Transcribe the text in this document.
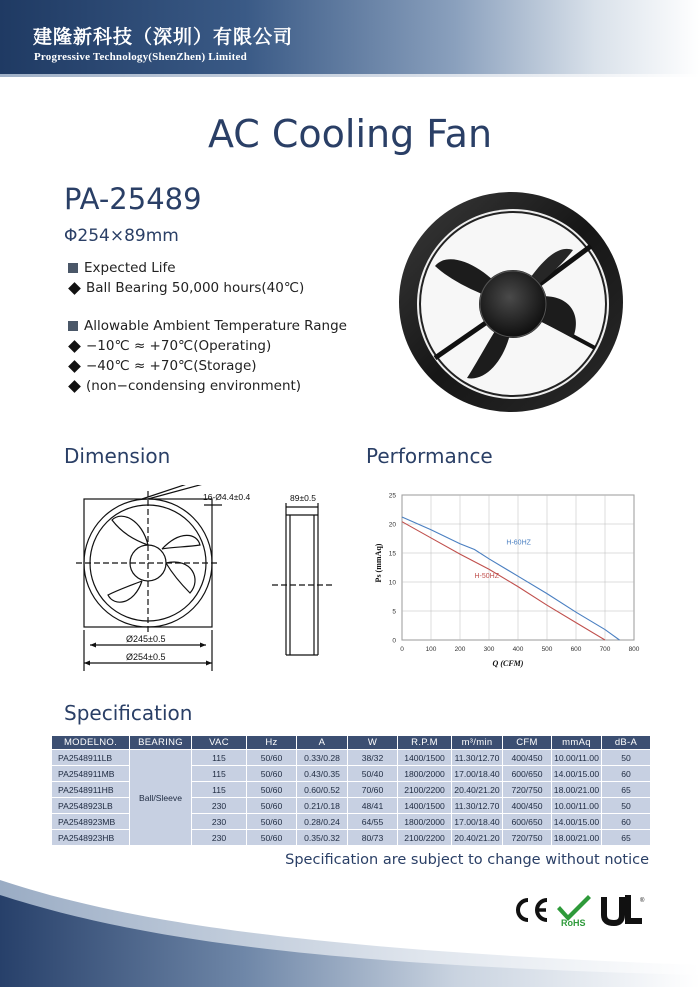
建隆新科技（深圳）有限公司
Progressive Technology(ShenZhen) Limited
AC Cooling Fan
PA-25489
Φ254×89mm
Expected Life
Ball Bearing 50,000 hours(40℃)
Allowable Ambient Temperature Range
−10℃ ≈ +70℃(Operating)
−40℃ ≈ +70℃(Storage)
(non−condensing environment)
Dimension	Performance
Specification
16-Ø4.4±0.4	89±0.5
Ø245±0.5
Ø254±0.5
0	100	200	300	400	500	600	700	800
0
5
10
15
20
25
H-60HZ
H-50HZ
Ps (mmAq)
Q (CFM)
MODELNO.	BEARING	VAC	Hz	A	W	R.P.M	m³/min	CFM	mmAq	dB-A
PA2548911LB	Ball/Sleeve	115	50/60	0.33/0.28	38/32	1400/1500	11.30/12.70	400/450	10.00/11.00	50
PA2548911MB		115	50/60	0.43/0.35	50/40	1800/2000	17.00/18.40	600/650	14.00/15.00	60
PA2548911HB		115	50/60	0.60/0.52	70/60	2100/2200	20.40/21.20	720/750	18.00/21.00	65
PA2548923LB		230	50/60	0.21/0.18	48/41	1400/1500	11.30/12.70	400/450	10.00/11.00	50
PA2548923MB		230	50/60	0.28/0.24	64/55	1800/2000	17.00/18.40	600/650	14.00/15.00	60
PA2548923HB		230	50/60	0.35/0.32	80/73	2100/2200	20.40/21.20	720/750	18.00/21.00	65
Specification are subject to change without notice
RoHS
®
